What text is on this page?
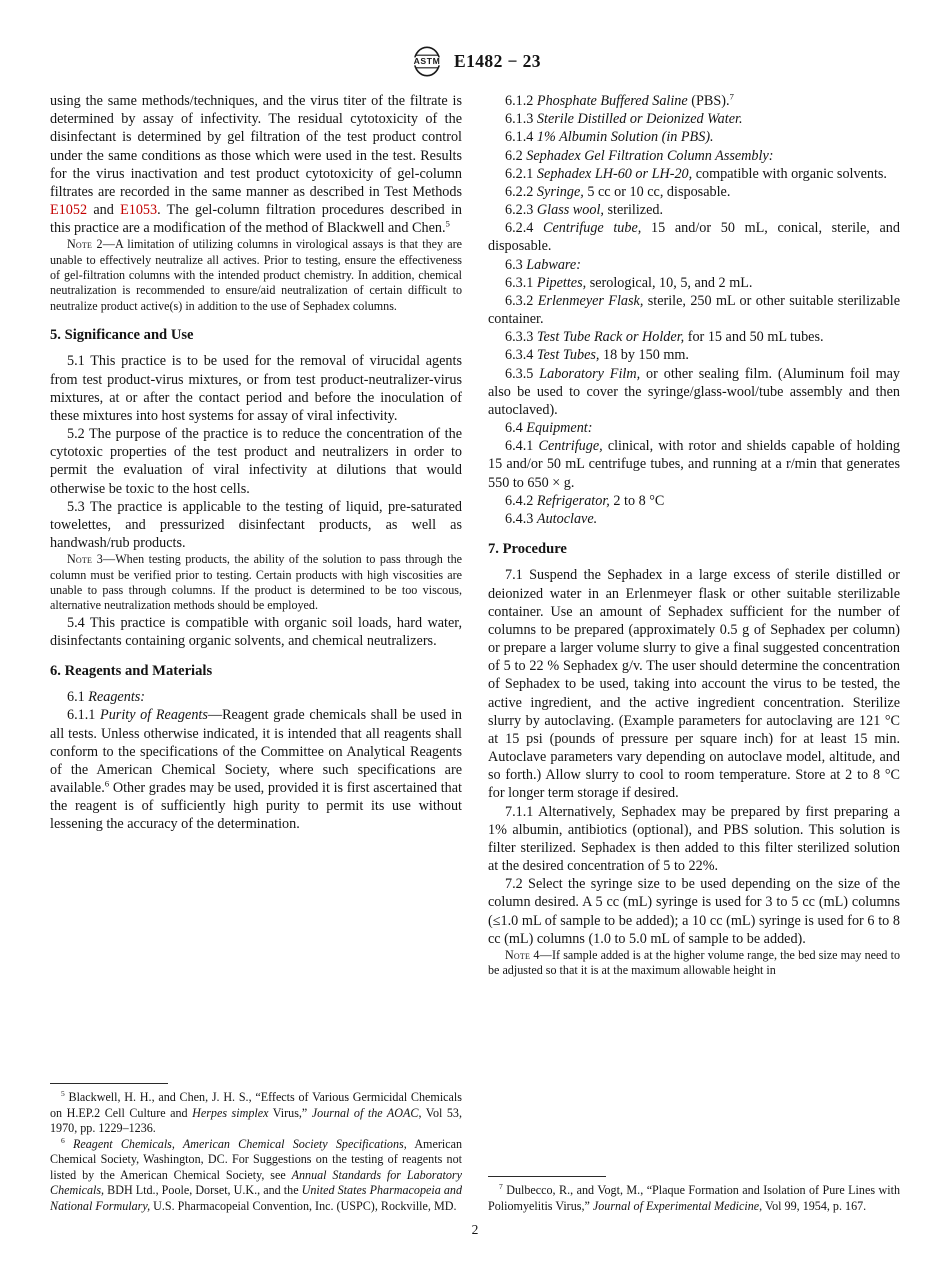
ASTM E1482 − 23

using the same methods/techniques, and the virus titer of the filtrate is determined by assay of infectivity. The residual cytotoxicity of the disinfectant is determined by gel filtration of the test product control under the same conditions as those which were used in the test. Results for the virus inactivation and test product cytotoxicity of gel-column filtrates are recorded in the same manner as described in Test Methods E1052 and E1053. The gel-column filtration procedures described in this practice are a modification of the method of Blackwell and Chen.$^5$

Note 2—A limitation of utilizing columns in virological assays is that they are unable to effectively neutralize all actives. Prior to testing, ensure the effectiveness of gel-filtration columns with the intended product chemistry. In addition, chemical neutralization is recommended to ensure/aid neutralization of certain difficult to neutralize product active(s) in addition to the use of Sephadex columns.

5. Significance and Use

5.1 This practice is to be used for the removal of virucidal agents from test product-virus mixtures, or from test product-neutralizer-virus mixtures, at or after the contact period and before the inoculation of these mixtures into host systems for assay of viral infectivity.

5.2 The purpose of the practice is to reduce the concentration of the cytotoxic properties of the test product and neutralizers in order to permit the evaluation of viral infectivity at dilutions that would otherwise be toxic to the host cells.

5.3 The practice is applicable to the testing of liquid, pre-saturated towelettes, and pressurized disinfectant products, as well as handwash/rub products.

Note 3—When testing products, the ability of the solution to pass through the column must be verified prior to testing. Certain products with high viscosities are unable to pass through columns. If the product is determined to be too viscous, alternative neutralization methods should be employed.

5.4 This practice is compatible with organic soil loads, hard water, disinfectants containing organic solvents, and chemical neutralizers.

6. Reagents and Materials

6.1 Reagents:

6.1.1 Purity of Reagents—Reagent grade chemicals shall be used in all tests. Unless otherwise indicated, it is intended that all reagents shall conform to the specifications of the Committee on Analytical Reagents of the American Chemical Society, where such specifications are available.$^6$ Other grades may be used, provided it is first ascertained that the reagent is of sufficiently high purity to permit its use without lessening the accuracy of the determination.

$^5$ Blackwell, H. H., and Chen, J. H. S., “Effects of Various Germicidal Chemicals on H.EP.2 Cell Culture and Herpes simplex Virus,” Journal of the AOAC, Vol 53, 1970, pp. 1229–1236.

$^6$ Reagent Chemicals, American Chemical Society Specifications, American Chemical Society, Washington, DC. For Suggestions on the testing of reagents not listed by the American Chemical Society, see Annual Standards for Laboratory Chemicals, BDH Ltd., Poole, Dorset, U.K., and the United States Pharmacopeia and National Formulary, U.S. Pharmacopeial Convention, Inc. (USPC), Rockville, MD.

6.1.2 Phosphate Buffered Saline (PBS).$^7$

6.1.3 Sterile Distilled or Deionized Water.

6.1.4 1% Albumin Solution (in PBS).

6.2 Sephadex Gel Filtration Column Assembly:

6.2.1 Sephadex LH-60 or LH-20, compatible with organic solvents.

6.2.2 Syringe, 5 cc or 10 cc, disposable.

6.2.3 Glass wool, sterilized.

6.2.4 Centrifuge tube, 15 and/or 50 mL, conical, sterile, and disposable.

6.3 Labware:

6.3.1 Pipettes, serological, 10, 5, and 2 mL.

6.3.2 Erlenmeyer Flask, sterile, 250 mL or other suitable sterilizable container.

6.3.3 Test Tube Rack or Holder, for 15 and 50 mL tubes.

6.3.4 Test Tubes, 18 by 150 mm.

6.3.5 Laboratory Film, or other sealing film. (Aluminum foil may also be used to cover the syringe/glass-wool/tube assembly and then autoclaved).

6.4 Equipment:

6.4.1 Centrifuge, clinical, with rotor and shields capable of holding 15 and/or 50 mL centrifuge tubes, and running at a r/min that generates 550 to 650 × g.

6.4.2 Refrigerator, 2 to 8 °C

6.4.3 Autoclave.

7. Procedure

7.1 Suspend the Sephadex in a large excess of sterile distilled or deionized water in an Erlenmeyer flask or other suitable sterilizable container. Use an amount of Sephadex sufficient for the number of columns to be prepared (approximately 0.5 g of Sephadex per column) or prepare a larger volume slurry to give a final suggested concentration of 5 to 22 % Sephadex g/v. The user should determine the concentration of Sephadex to be used, taking into account the virus to be tested, the active ingredient, and the active ingredient concentration. Sterilize slurry by autoclaving. (Example parameters for autoclaving are 121 °C at 15 psi (pounds of pressure per square inch) for at least 15 min. Autoclave parameters vary depending on autoclave model, altitude, and so forth.) Allow slurry to cool to room temperature. Store at 2 to 8 °C for longer term storage if desired.

7.1.1 Alternatively, Sephadex may be prepared by first preparing a 1% albumin, antibiotics (optional), and PBS solution. This solution is filter sterilized. Sephadex is then added to this filter sterilized solution at the desired concentration of 5 to 22%.

7.2 Select the syringe size to be used depending on the size of the column desired. A 5 cc (mL) syringe is used for 3 to 5 cc (mL) columns (≤1.0 mL of sample to be added); a 10 cc (mL) syringe is used for 6 to 8 cc (mL) columns (1.0 to 5.0 mL of sample to be added).

Note 4—If sample added is at the higher volume range, the bed size may need to be adjusted so that it is at the maximum allowable height in

$^7$ Dulbecco, R., and Vogt, M., “Plaque Formation and Isolation of Pure Lines with Poliomyelitis Virus,” Journal of Experimental Medicine, Vol 99, 1954, p. 167.

2
